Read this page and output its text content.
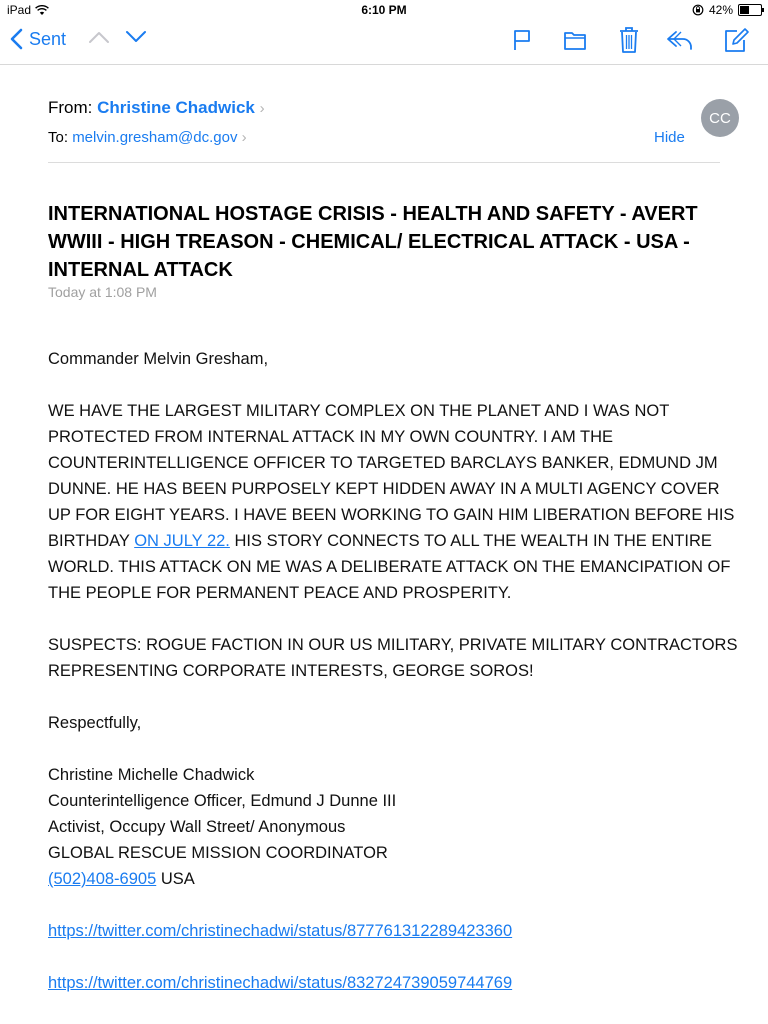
iPad	6:10 PM	42%
Sent
From: Christine Chadwick ›
To: melvin.gresham@dc.gov ›
CC
Hide
INTERNATIONAL HOSTAGE CRISIS - HEALTH AND SAFETY - AVERT WWIII - HIGH TREASON - CHEMICAL/ ELECTRICAL ATTACK - USA - INTERNAL ATTACK
Today at 1:08 PM

Commander Melvin Gresham,

WE HAVE THE LARGEST MILITARY COMPLEX ON THE PLANET AND I WAS NOT PROTECTED FROM INTERNAL ATTACK IN MY OWN COUNTRY. I AM THE COUNTERINTELLIGENCE OFFICER TO TARGETED BARCLAYS BANKER, EDMUND JM DUNNE. HE HAS BEEN PURPOSELY KEPT HIDDEN AWAY IN A MULTI AGENCY COVER UP FOR EIGHT YEARS. I HAVE BEEN WORKING TO GAIN HIM LIBERATION BEFORE HIS BIRTHDAY ON JULY 22. HIS STORY CONNECTS TO ALL THE WEALTH IN THE ENTIRE WORLD. THIS ATTACK ON ME WAS A DELIBERATE ATTACK ON THE EMANCIPATION OF THE PEOPLE FOR PERMANENT PEACE AND PROSPERITY.

SUSPECTS: ROGUE FACTION IN OUR US MILITARY, PRIVATE MILITARY CONTRACTORS REPRESENTING CORPORATE INTERESTS, GEORGE SOROS!

Respectfully,

Christine Michelle Chadwick
Counterintelligence Officer, Edmund J Dunne III
Activist, Occupy Wall Street/ Anonymous
GLOBAL RESCUE MISSION COORDINATOR
(502)408-6905 USA

https://twitter.com/christinechadwi/status/877761312289423360

https://twitter.com/christinechadwi/status/832724739059744769
